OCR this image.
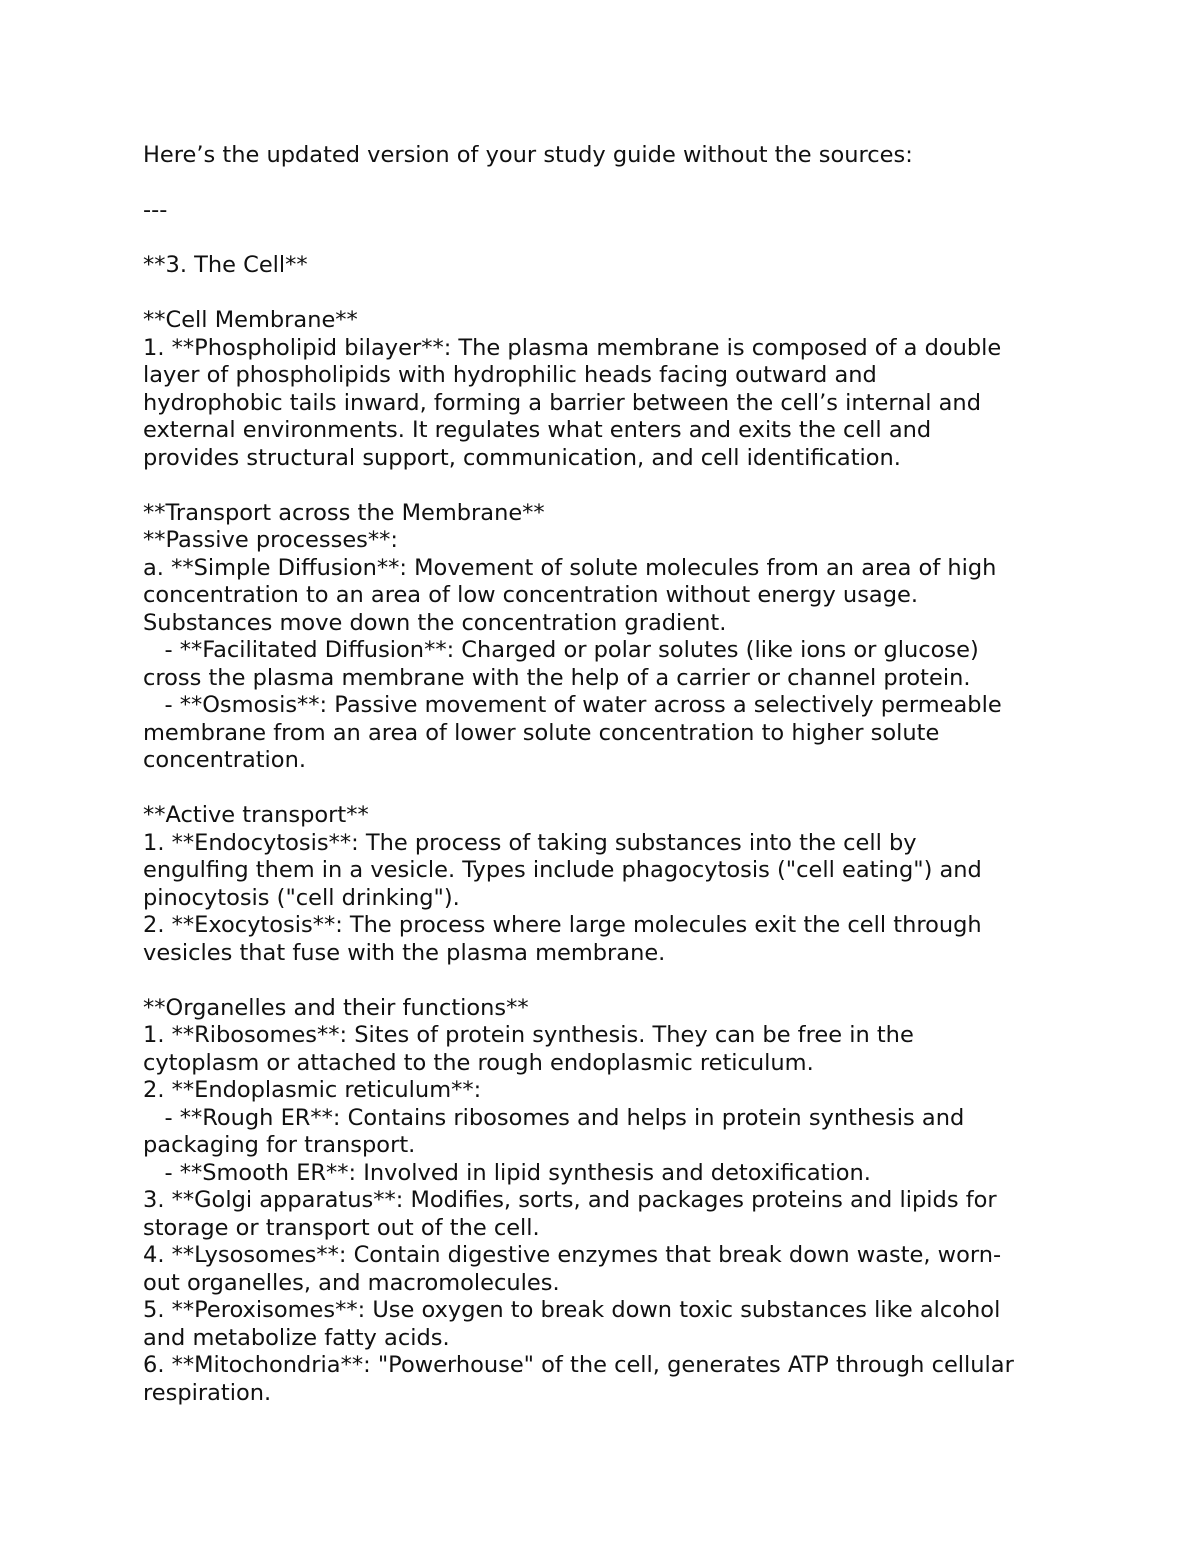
Here’s the updated version of your study guide without the sources:
---
**3. The Cell**
**Cell Membrane**
1. **Phospholipid bilayer**: The plasma membrane is composed of a double
layer of phospholipids with hydrophilic heads facing outward and
hydrophobic tails inward, forming a barrier between the cell’s internal and
external environments. It regulates what enters and exits the cell and
provides structural support, communication, and cell identification.
**Transport across the Membrane**
**Passive processes**:
a. **Simple Diffusion**: Movement of solute molecules from an area of high
concentration to an area of low concentration without energy usage.
Substances move down the concentration gradient.
- **Facilitated Diffusion**: Charged or polar solutes (like ions or glucose)
cross the plasma membrane with the help of a carrier or channel protein.
- **Osmosis**: Passive movement of water across a selectively permeable
membrane from an area of lower solute concentration to higher solute
concentration.
**Active transport**
1. **Endocytosis**: The process of taking substances into the cell by
engulfing them in a vesicle. Types include phagocytosis ("cell eating") and
pinocytosis ("cell drinking").
2. **Exocytosis**: The process where large molecules exit the cell through
vesicles that fuse with the plasma membrane.
**Organelles and their functions**
1. **Ribosomes**: Sites of protein synthesis. They can be free in the
cytoplasm or attached to the rough endoplasmic reticulum.
2. **Endoplasmic reticulum**:
- **Rough ER**: Contains ribosomes and helps in protein synthesis and
packaging for transport.
- **Smooth ER**: Involved in lipid synthesis and detoxification.
3. **Golgi apparatus**: Modifies, sorts, and packages proteins and lipids for
storage or transport out of the cell.
4. **Lysosomes**: Contain digestive enzymes that break down waste, worn-
out organelles, and macromolecules.
5. **Peroxisomes**: Use oxygen to break down toxic substances like alcohol
and metabolize fatty acids.
6. **Mitochondria**: "Powerhouse" of the cell, generates ATP through cellular
respiration.
